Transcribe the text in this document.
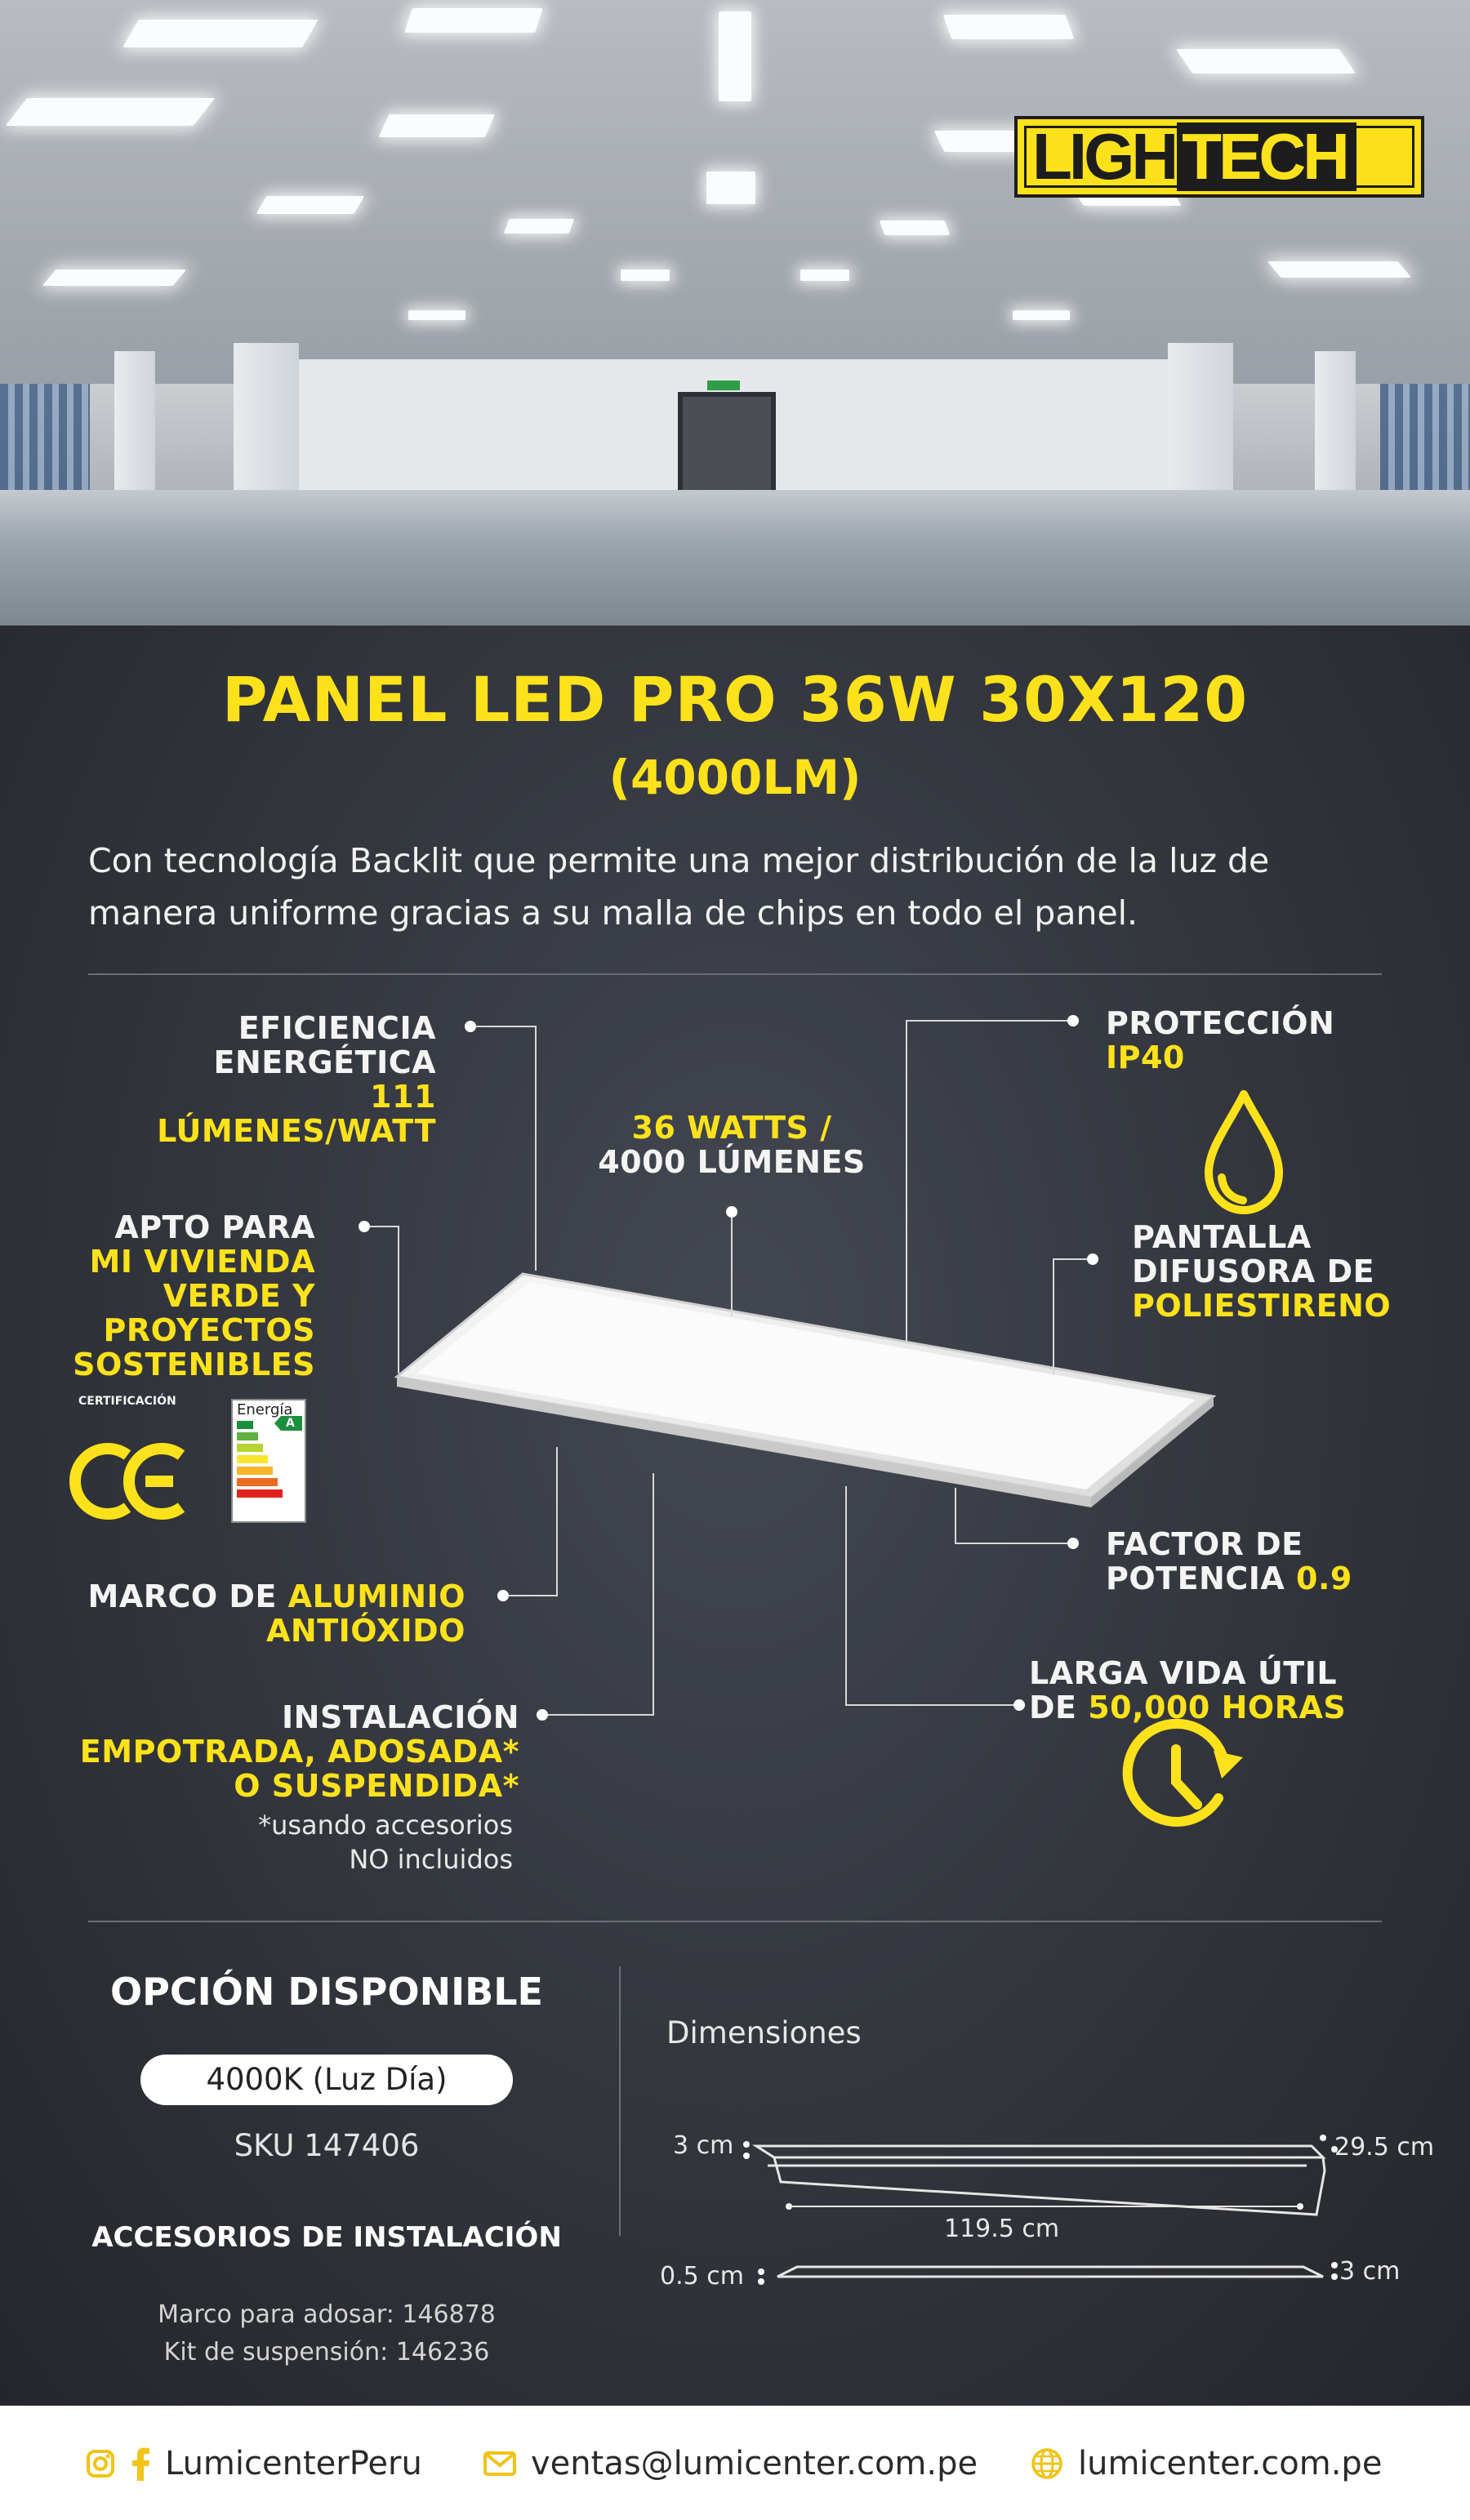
LIGH TECH
PANEL LED PRO 36W 30X120
(4000LM)
Con tecnología Backlit que permite una mejor distribución de la luz de manera uniforme gracias a su malla de chips en todo el panel.
Energía
A
EFICIENCIA
ENERGÉTICA
111 LÚMENES/WATT	36 WATTS /
4000 LÚMENES
PROTECCIÓN
IP40
APTO PARA
MI VIVIENDA
VERDE Y
PROYECTOS
SOSTENIBLES
CERTIFICACIÓN
PANTALLA
DIFUSORA DE
POLIESTIRENO
MARCO DE ALUMINIO
ANTIÓXIDO
FACTOR DE
POTENCIA 0.9
LARGA VIDA ÚTIL
DE 50,000 HORAS
INSTALACIÓN
EMPOTRADA, ADOSADA*
O SUSPENDIDA*
*usando accesorios
NO incluidos
OPCIÓN DISPONIBLE
4000K (Luz Día)
SKU 147406
ACCESORIOS DE INSTALACIÓN
Marco para adosar: 146878
Kit de suspensión: 146236
Dimensiones
3 cm	29.5 cm
119.5 cm
0.5 cm	3 cm
LumicenterPeru	ventas@lumicenter.com.pe	lumicenter.com.pe
